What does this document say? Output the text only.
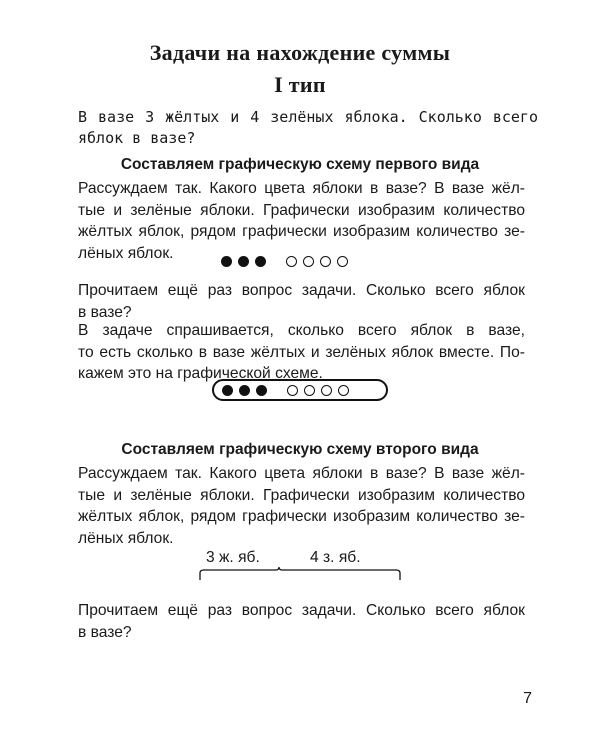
Задачи на нахождение суммы
I тип
В вазе 3 жёлтых и 4 зелёных яблока. Сколько всего
яблок в вазе?
Составляем графическую схему первого вида
Рассуждаем так. Какого цвета яблоки в вазе? В вазе жёл-
тые и зелёные яблоки. Графически изобразим количество
жёлтых яблок, рядом графически изобразим количество зе-
лёных яблок.
Прочитаем ещё раз вопрос задачи. Сколько всего яблок
в вазе?
В задаче спрашивается, сколько всего яблок в вазе,
то есть сколько в вазе жёлтых и зелёных яблок вместе. По-
кажем это на графической схеме.
Составляем графическую схему второго вида
Рассуждаем так. Какого цвета яблоки в вазе? В вазе жёл-
тые и зелёные яблоки. Графически изобразим количество
жёлтых яблок, рядом графически изобразим количество зе-
лёных яблок.
3 ж. яб.	4 з. яб.
Прочитаем ещё раз вопрос задачи. Сколько всего яблок
в вазе?
7
